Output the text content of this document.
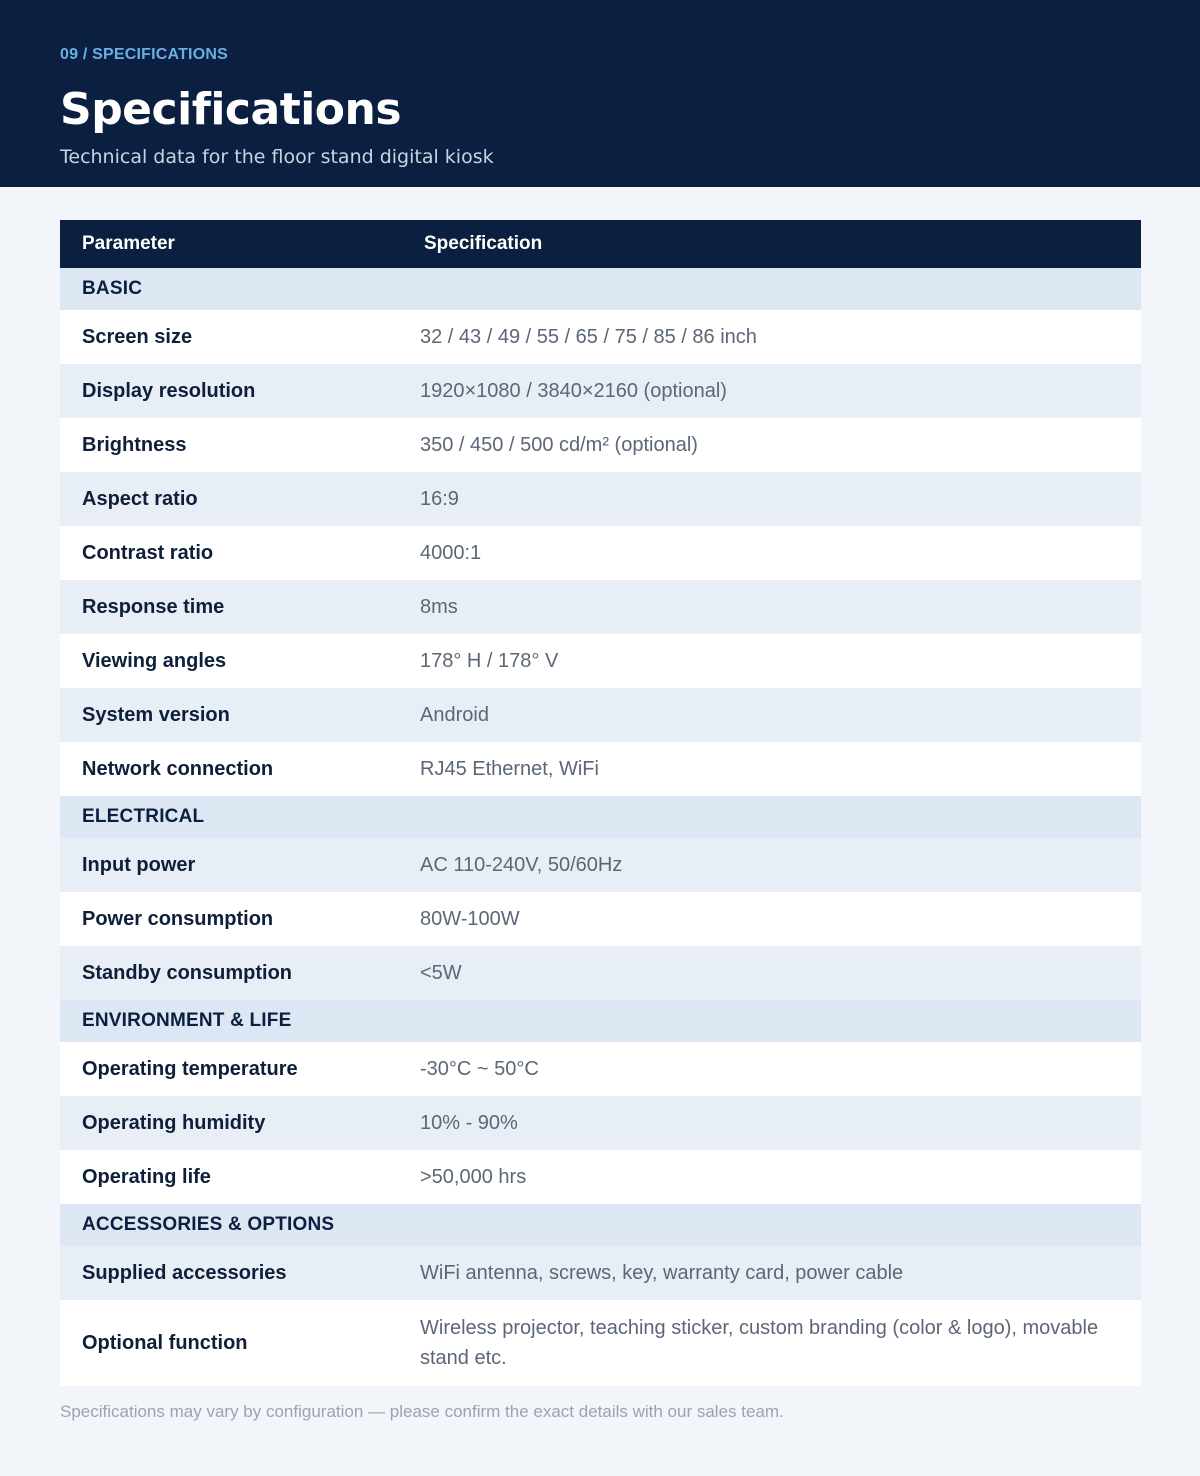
09 / SPECIFICATIONS
Specifications
Technical data for the floor stand digital kiosk
Parameter	Specification
BASIC	
Screen size	32 / 43 / 49 / 55 / 65 / 75 / 85 / 86 inch
Display resolution	1920×1080 / 3840×2160 (optional)
Brightness	350 / 450 / 500 cd/m² (optional)
Aspect ratio	16:9
Contrast ratio	4000:1
Response time	8ms
Viewing angles	178° H / 178° V
System version	Android
Network connection	RJ45 Ethernet, WiFi
ELECTRICAL	
Input power	AC 110-240V, 50/60Hz
Power consumption	80W-100W
Standby consumption	<5W
ENVIRONMENT & LIFE	
Operating temperature	-30°C ~ 50°C
Operating humidity	10% - 90%
Operating life	>50,000 hrs
ACCESSORIES & OPTIONS	
Supplied accessories	WiFi antenna, screws, key, warranty card, power cable
Optional function	Wireless projector, teaching sticker, custom branding (color & logo), movable stand etc.
Specifications may vary by configuration — please confirm the exact details with our sales team.
